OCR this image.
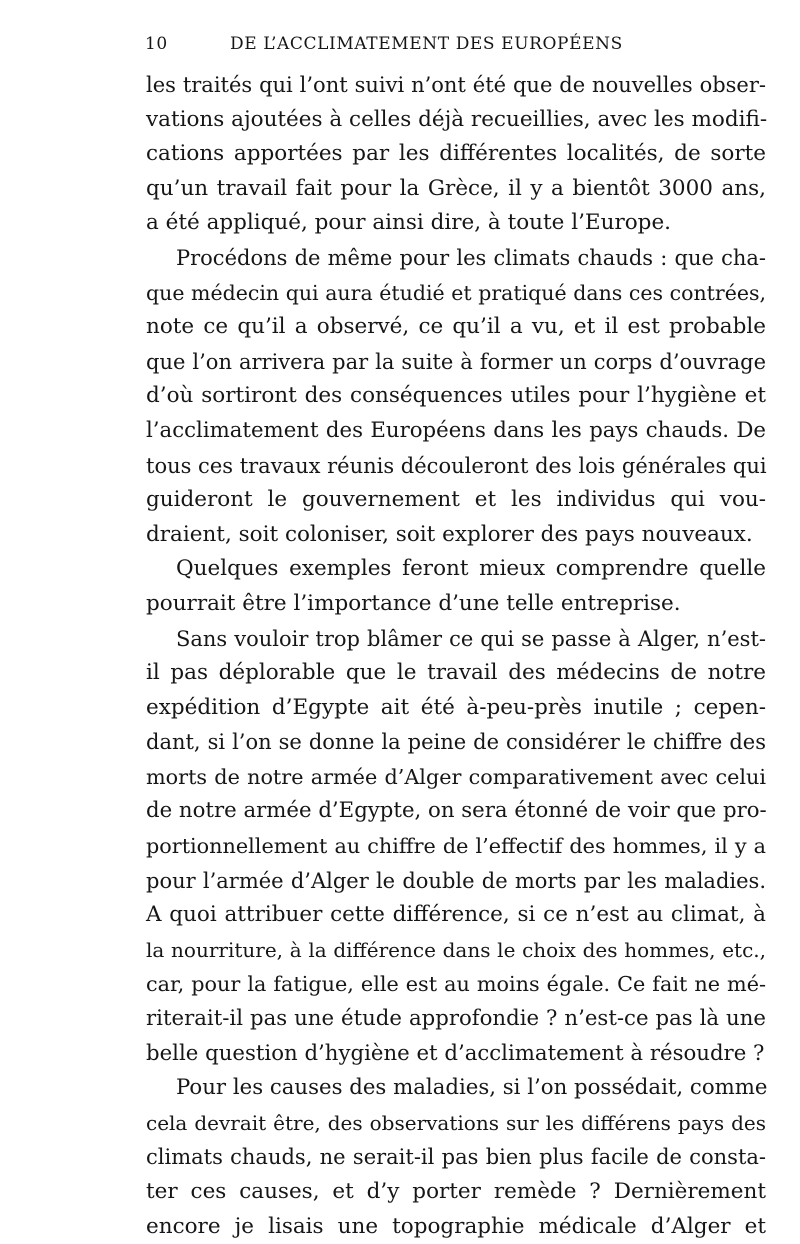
10	DE L’ACCLIMATEMENT DES EUROPÉENS
les traités qui l’ont suivi n’ont été que de nouvelles obser-
vations ajoutées à celles déjà recueillies, avec les modifi-
cations apportées par les différentes localités, de sorte
qu’un travail fait pour la Grèce, il y a bientôt 3000 ans,
a été appliqué, pour ainsi dire, à toute l’Europe.
Procédons de même pour les climats chauds : que cha-
que médecin qui aura étudié et pratiqué dans ces contrées,
note ce qu’il a observé, ce qu’il a vu, et il est probable
que l’on arrivera par la suite à former un corps d’ouvrage
d’où sortiront des conséquences utiles pour l’hygiène et
l’acclimatement des Européens dans les pays chauds. De
tous ces travaux réunis découleront des lois générales qui
guideront le gouvernement et les individus qui vou-
draient, soit coloniser, soit explorer des pays nouveaux.
Quelques exemples feront mieux comprendre quelle
pourrait être l’importance d’une telle entreprise.
Sans vouloir trop blâmer ce qui se passe à Alger, n’est-
il pas déplorable que le travail des médecins de notre
expédition d’Egypte ait été à-peu-près inutile ; cepen-
dant, si l’on se donne la peine de considérer le chiffre des
morts de notre armée d’Alger comparativement avec celui
de notre armée d’Egypte, on sera étonné de voir que pro-
portionnellement au chiffre de l’effectif des hommes, il y a
pour l’armée d’Alger le double de morts par les maladies.
A quoi attribuer cette différence, si ce n’est au climat, à
la nourriture, à la différence dans le choix des hommes, etc.,
car, pour la fatigue, elle est au moins égale. Ce fait ne mé-
riterait-il pas une étude approfondie ? n’est-ce pas là une
belle question d’hygiène et d’acclimatement à résoudre ?
Pour les causes des maladies, si l’on possédait, comme
cela devrait être, des observations sur les différens pays des
climats chauds, ne serait-il pas bien plus facile de consta-
ter ces causes, et d’y porter remède ? Dernièrement
encore je lisais une topographie médicale d’Alger et
